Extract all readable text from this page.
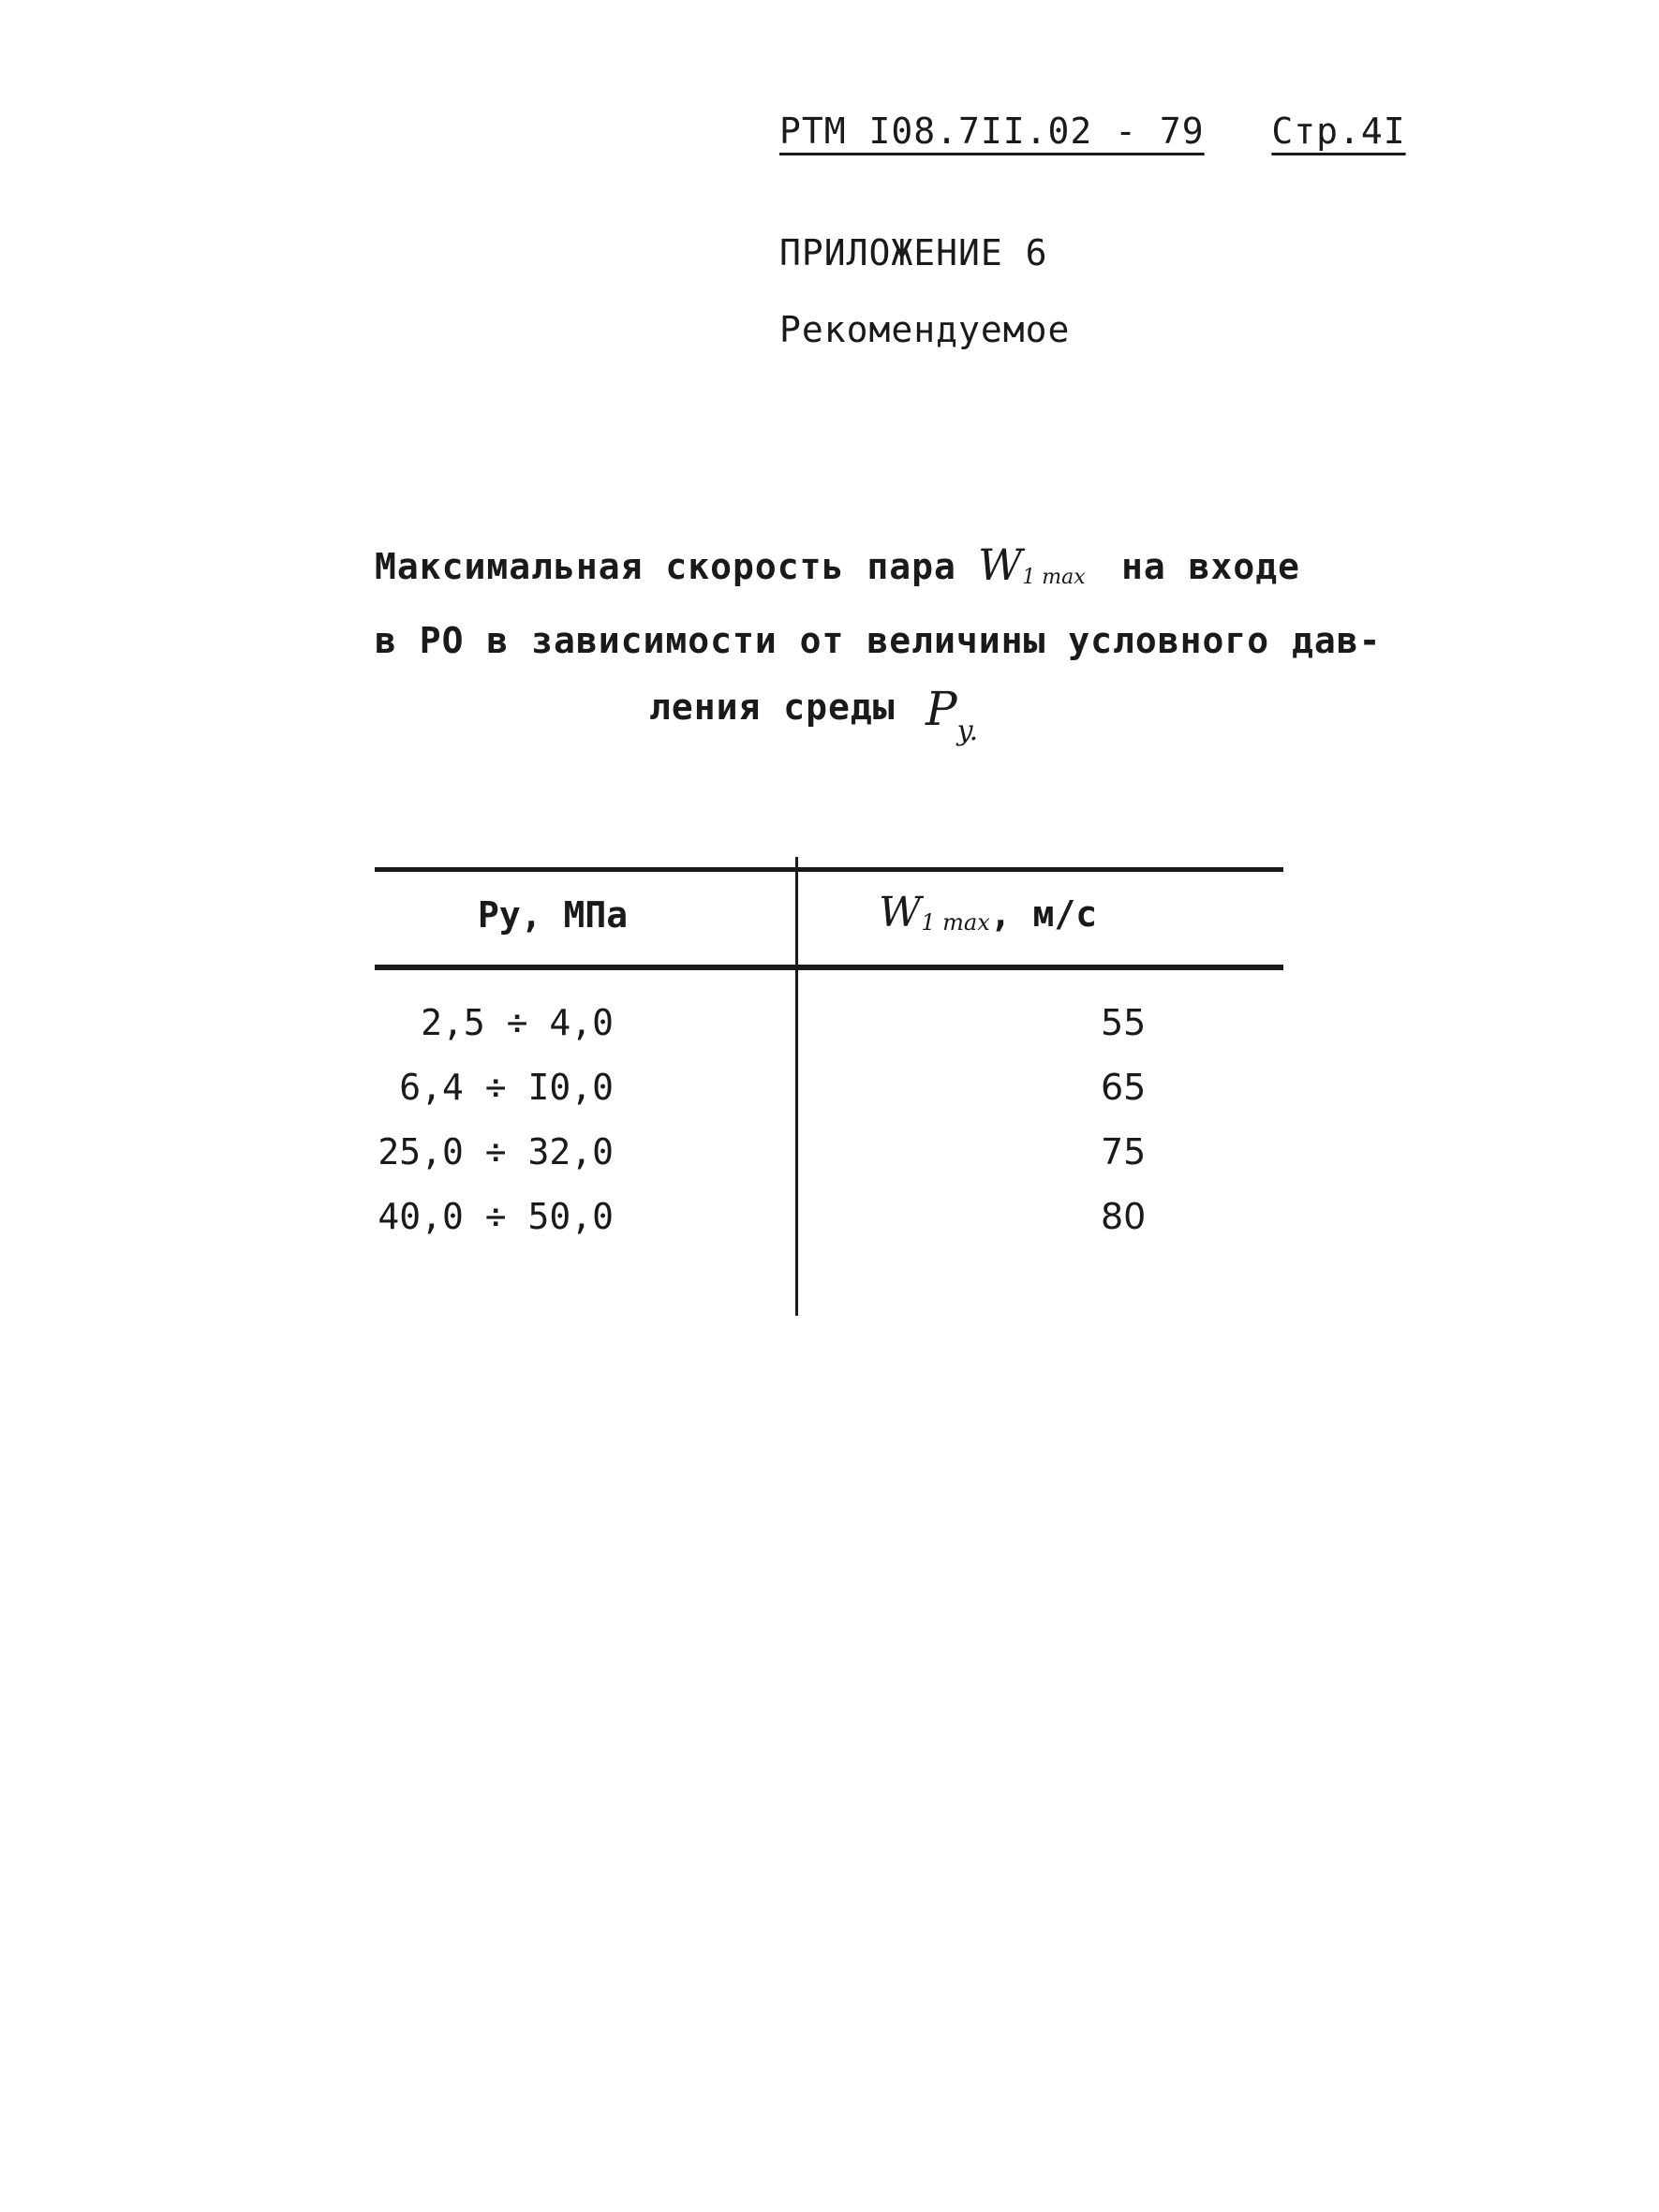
РТМ I08.7II.02 - 79 Стр.4I
ПРИЛОЖЕНИЕ 6
Рекомендуемое
Максимальная скорость пара $W_{1 max}$ на входе
в РО в зависимости от величины условного дав-
ления среды $P_{y.}$
Ру, МПа	$W_{1 max}$, м/с
2,5 ÷ 4,0	55
6,4 ÷ I0,0	65
25,0 ÷ 32,0	75
40,0 ÷ 50,0	80
